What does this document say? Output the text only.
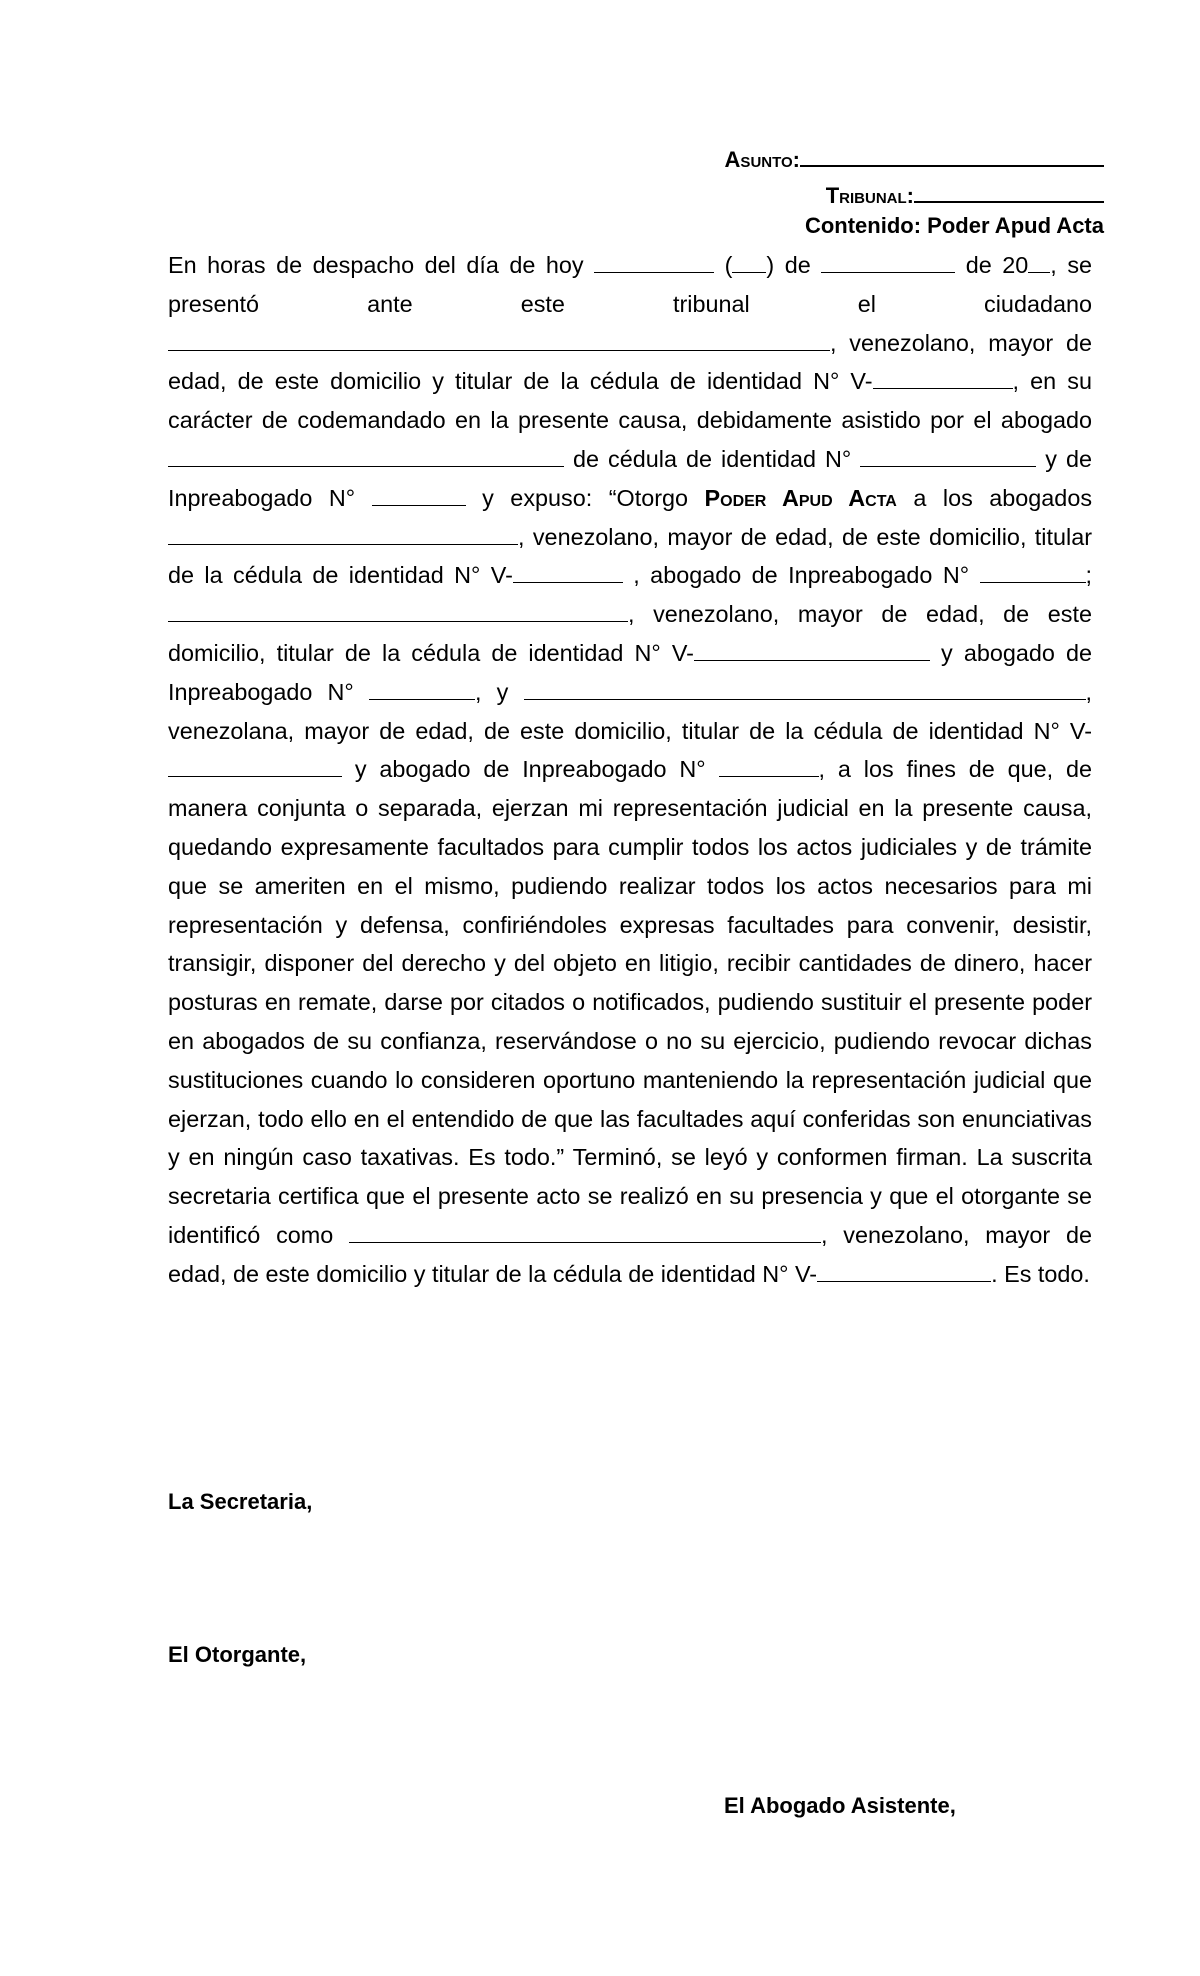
Asunto:
Tribunal:
Contenido: Poder Apud Acta
En horas de despacho del día de hoy	( ) de	de 20 , se presentó ante este tribunal el ciudadano , venezolano, mayor de edad, de este domicilio y titular de la cédula de identidad N° V-	, en su carácter de codemandado en la presente causa, debidamente asistido por el abogado  de cédula de identidad N°	y de Inpreabogado N°	y expuso: “Otorgo Poder Apud Acta a los abogados , venezolano, mayor de edad, de este domicilio, titular de la cédula de identidad N° V-	, abogado de Inpreabogado N°	; , venezolano, mayor de edad, de este domicilio, titular de la cédula de identidad N° V-	y abogado de Inpreabogado N°	, y	, venezolana, mayor de edad, de este domicilio, titular de la cédula de identidad N° V- y abogado de Inpreabogado N°	, a los fines de que, de manera conjunta o separada, ejerzan mi representación judicial en la presente causa, quedando expresamente facultados para cumplir todos los actos judiciales y de trámite que se ameriten en el mismo, pudiendo realizar todos los actos necesarios para mi representación y defensa, confiriéndoles expresas facultades para convenir, desistir, transigir, disponer del derecho y del objeto en litigio, recibir cantidades de dinero, hacer posturas en remate, darse por citados o notificados, pudiendo sustituir el presente poder en abogados de su confianza, reservándose o no su ejercicio, pudiendo revocar dichas sustituciones cuando lo consideren oportuno manteniendo la representación judicial que ejerzan, todo ello en el entendido de que las facultades aquí conferidas son enunciativas y en ningún caso taxativas. Es todo.” Terminó, se leyó y conformen firman. La suscrita secretaria certifica que el presente acto se realizó en su presencia y que el otorgante se identificó como	, venezolano, mayor de edad, de este domicilio y titular de la cédula de identidad N° V-	. Es todo.
La Secretaria,
El Otorgante,
El Abogado Asistente,
